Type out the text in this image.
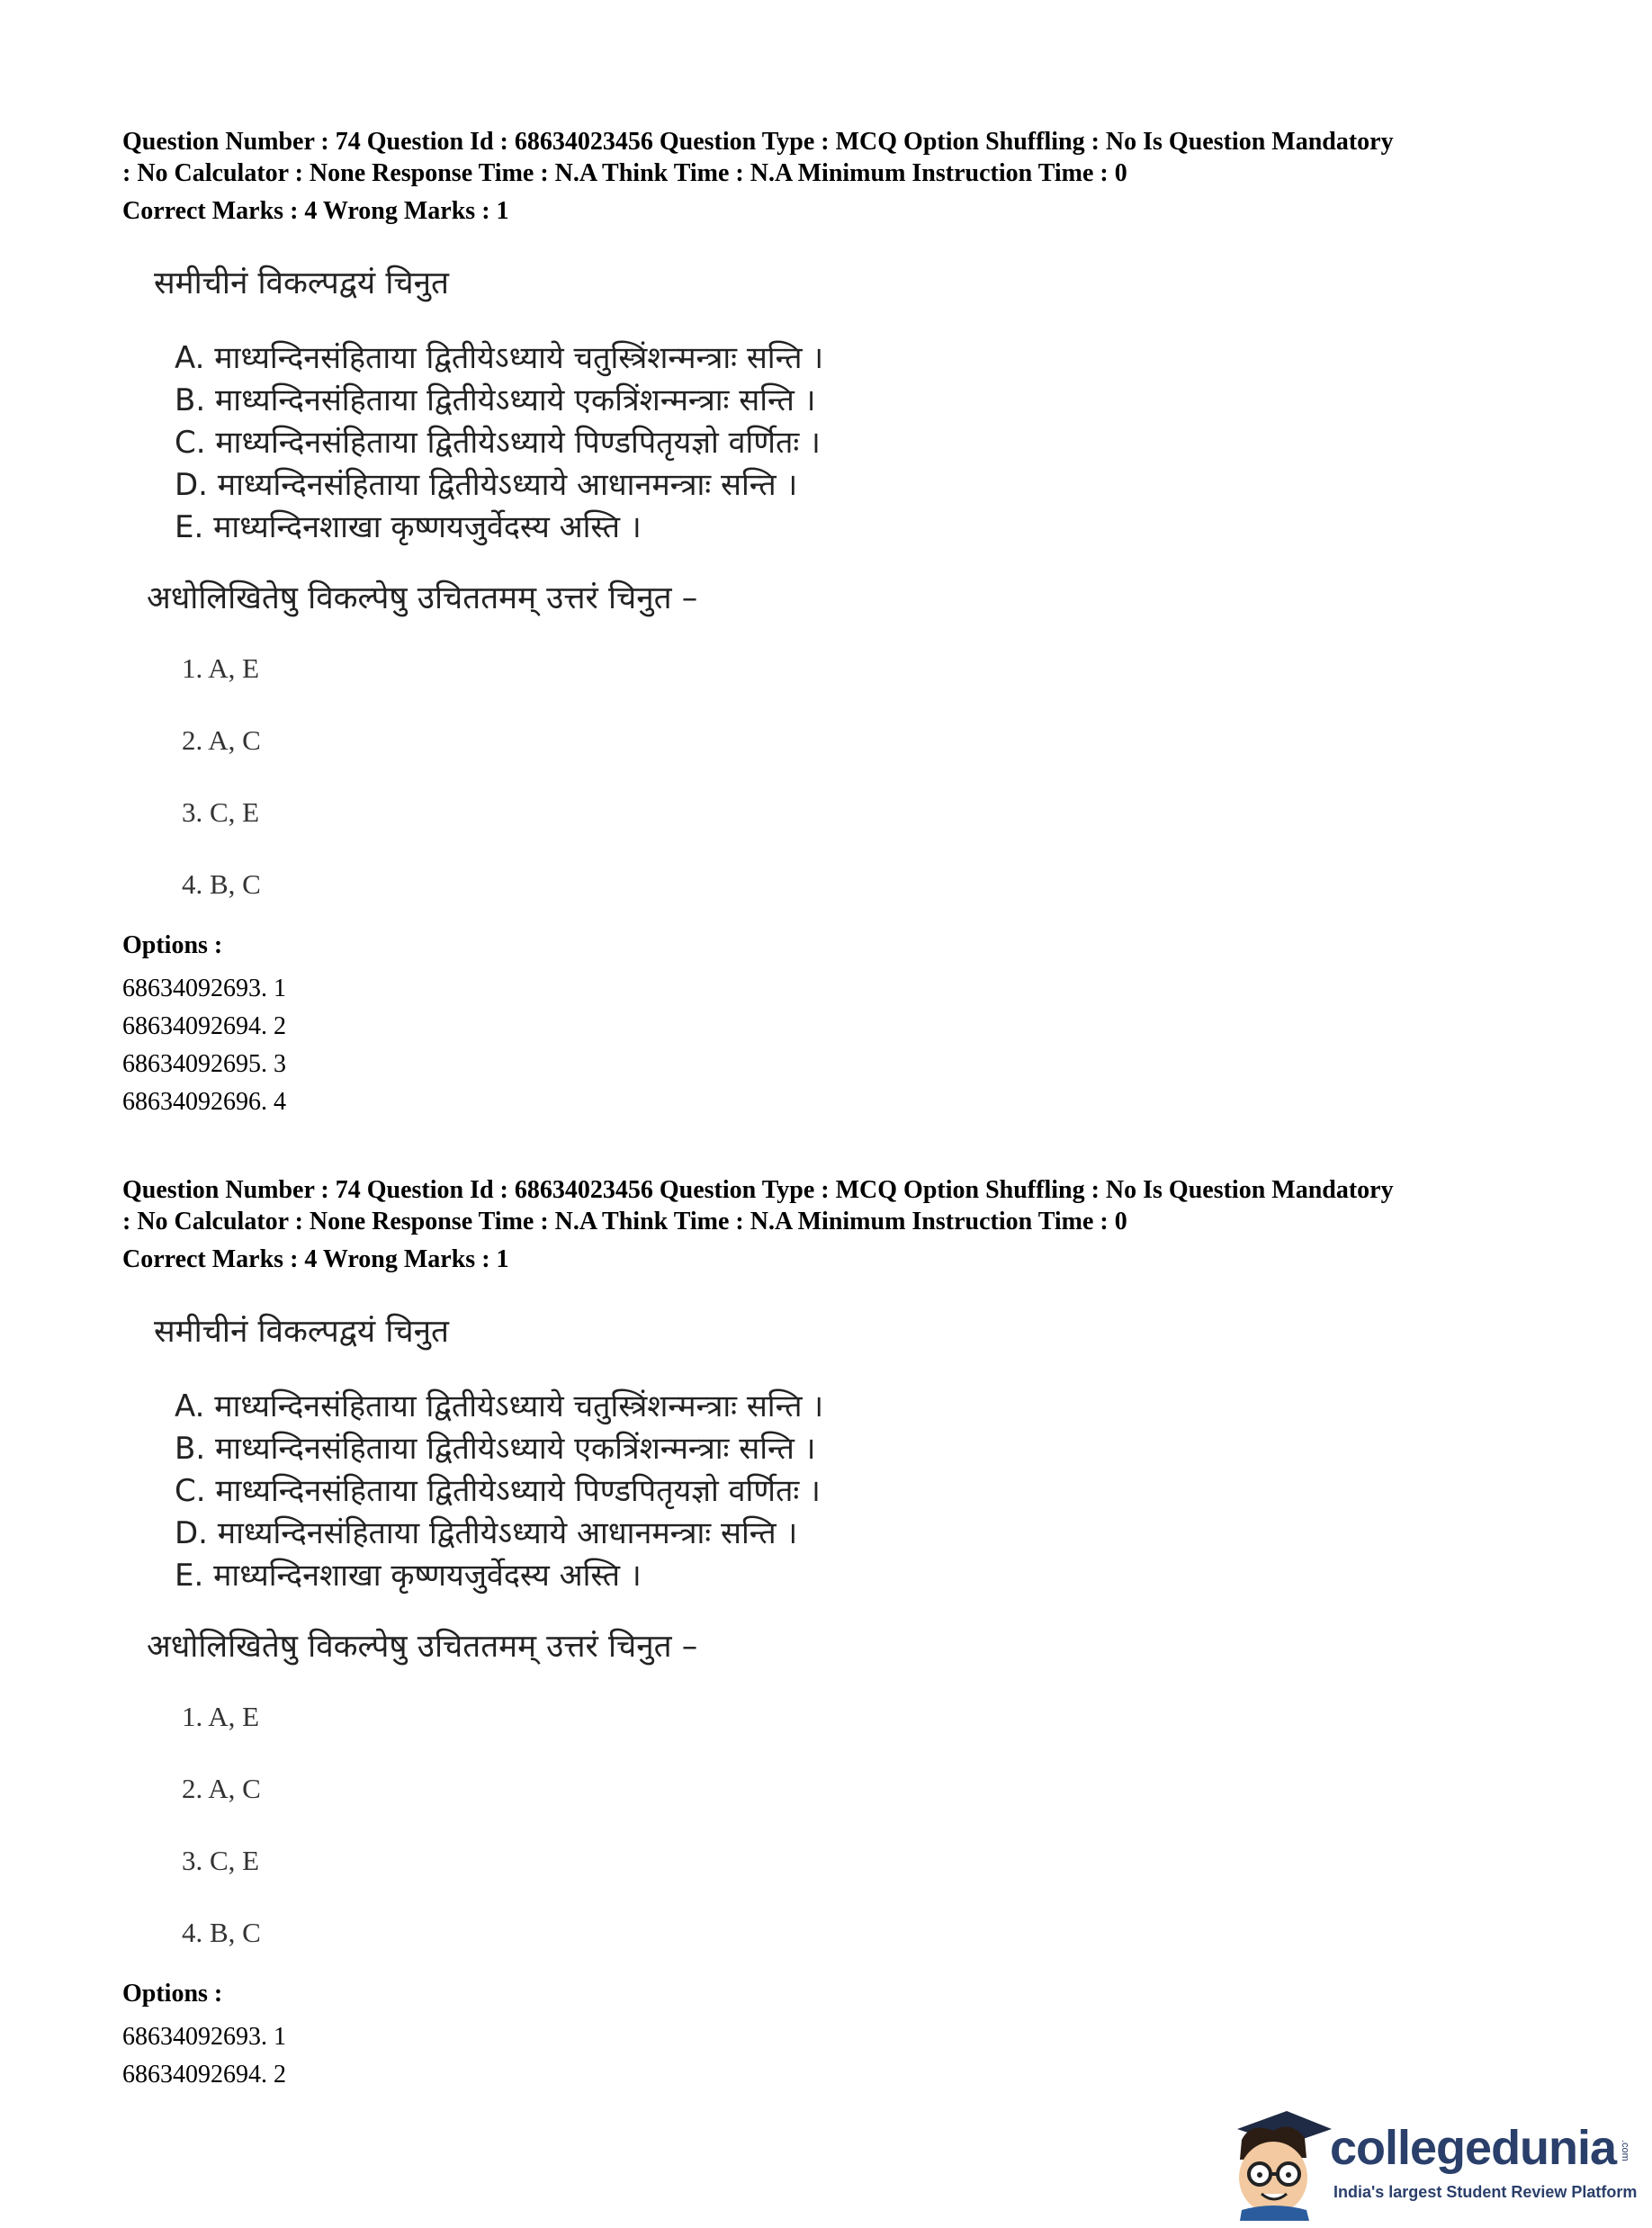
Question Number : 74 Question Id : 68634023456 Question Type : MCQ Option Shuffling : No Is Question Mandatory

: No Calculator : None Response Time : N.A Think Time : N.A Minimum Instruction Time : 0

Correct Marks : 4 Wrong Marks : 1

समीचीनं विकल्पद्वयं चिनुत
A. माध्यन्दिनसंहिताया द्वितीयेऽध्याये चतुस्त्रिंशन्मन्त्राः सन्ति ।
B. माध्यन्दिनसंहिताया द्वितीयेऽध्याये एकत्रिंशन्मन्त्राः सन्ति ।
C. माध्यन्दिनसंहिताया द्वितीयेऽध्याये पिण्डपितृयज्ञो वर्णितः ।
D. माध्यन्दिनसंहिताया द्वितीयेऽध्याये आधानमन्त्राः सन्ति ।
E. माध्यन्दिनशाखा कृष्णयजुर्वेदस्य अस्ति ।
अधोलिखितेषु विकल्पेषु उचिततमम् उत्तरं चिनुत –
1. A, E
2. A, C
3. C, E
4. B, C
Options :
68634092693. 1
68634092694. 2
68634092695. 3
68634092696. 4

Question Number : 74 Question Id : 68634023456 Question Type : MCQ Option Shuffling : No Is Question Mandatory

: No Calculator : None Response Time : N.A Think Time : N.A Minimum Instruction Time : 0

Correct Marks : 4 Wrong Marks : 1

समीचीनं विकल्पद्वयं चिनुत
A. माध्यन्दिनसंहिताया द्वितीयेऽध्याये चतुस्त्रिंशन्मन्त्राः सन्ति ।
B. माध्यन्दिनसंहिताया द्वितीयेऽध्याये एकत्रिंशन्मन्त्राः सन्ति ।
C. माध्यन्दिनसंहिताया द्वितीयेऽध्याये पिण्डपितृयज्ञो वर्णितः ।
D. माध्यन्दिनसंहिताया द्वितीयेऽध्याये आधानमन्त्राः सन्ति ।
E. माध्यन्दिनशाखा कृष्णयजुर्वेदस्य अस्ति ।
अधोलिखितेषु विकल्पेषु उचिततमम् उत्तरं चिनुत –
1. A, E
2. A, C
3. C, E
4. B, C
Options :
68634092693. 1
68634092694. 2
collegedunia .com
India's largest Student Review Platform
